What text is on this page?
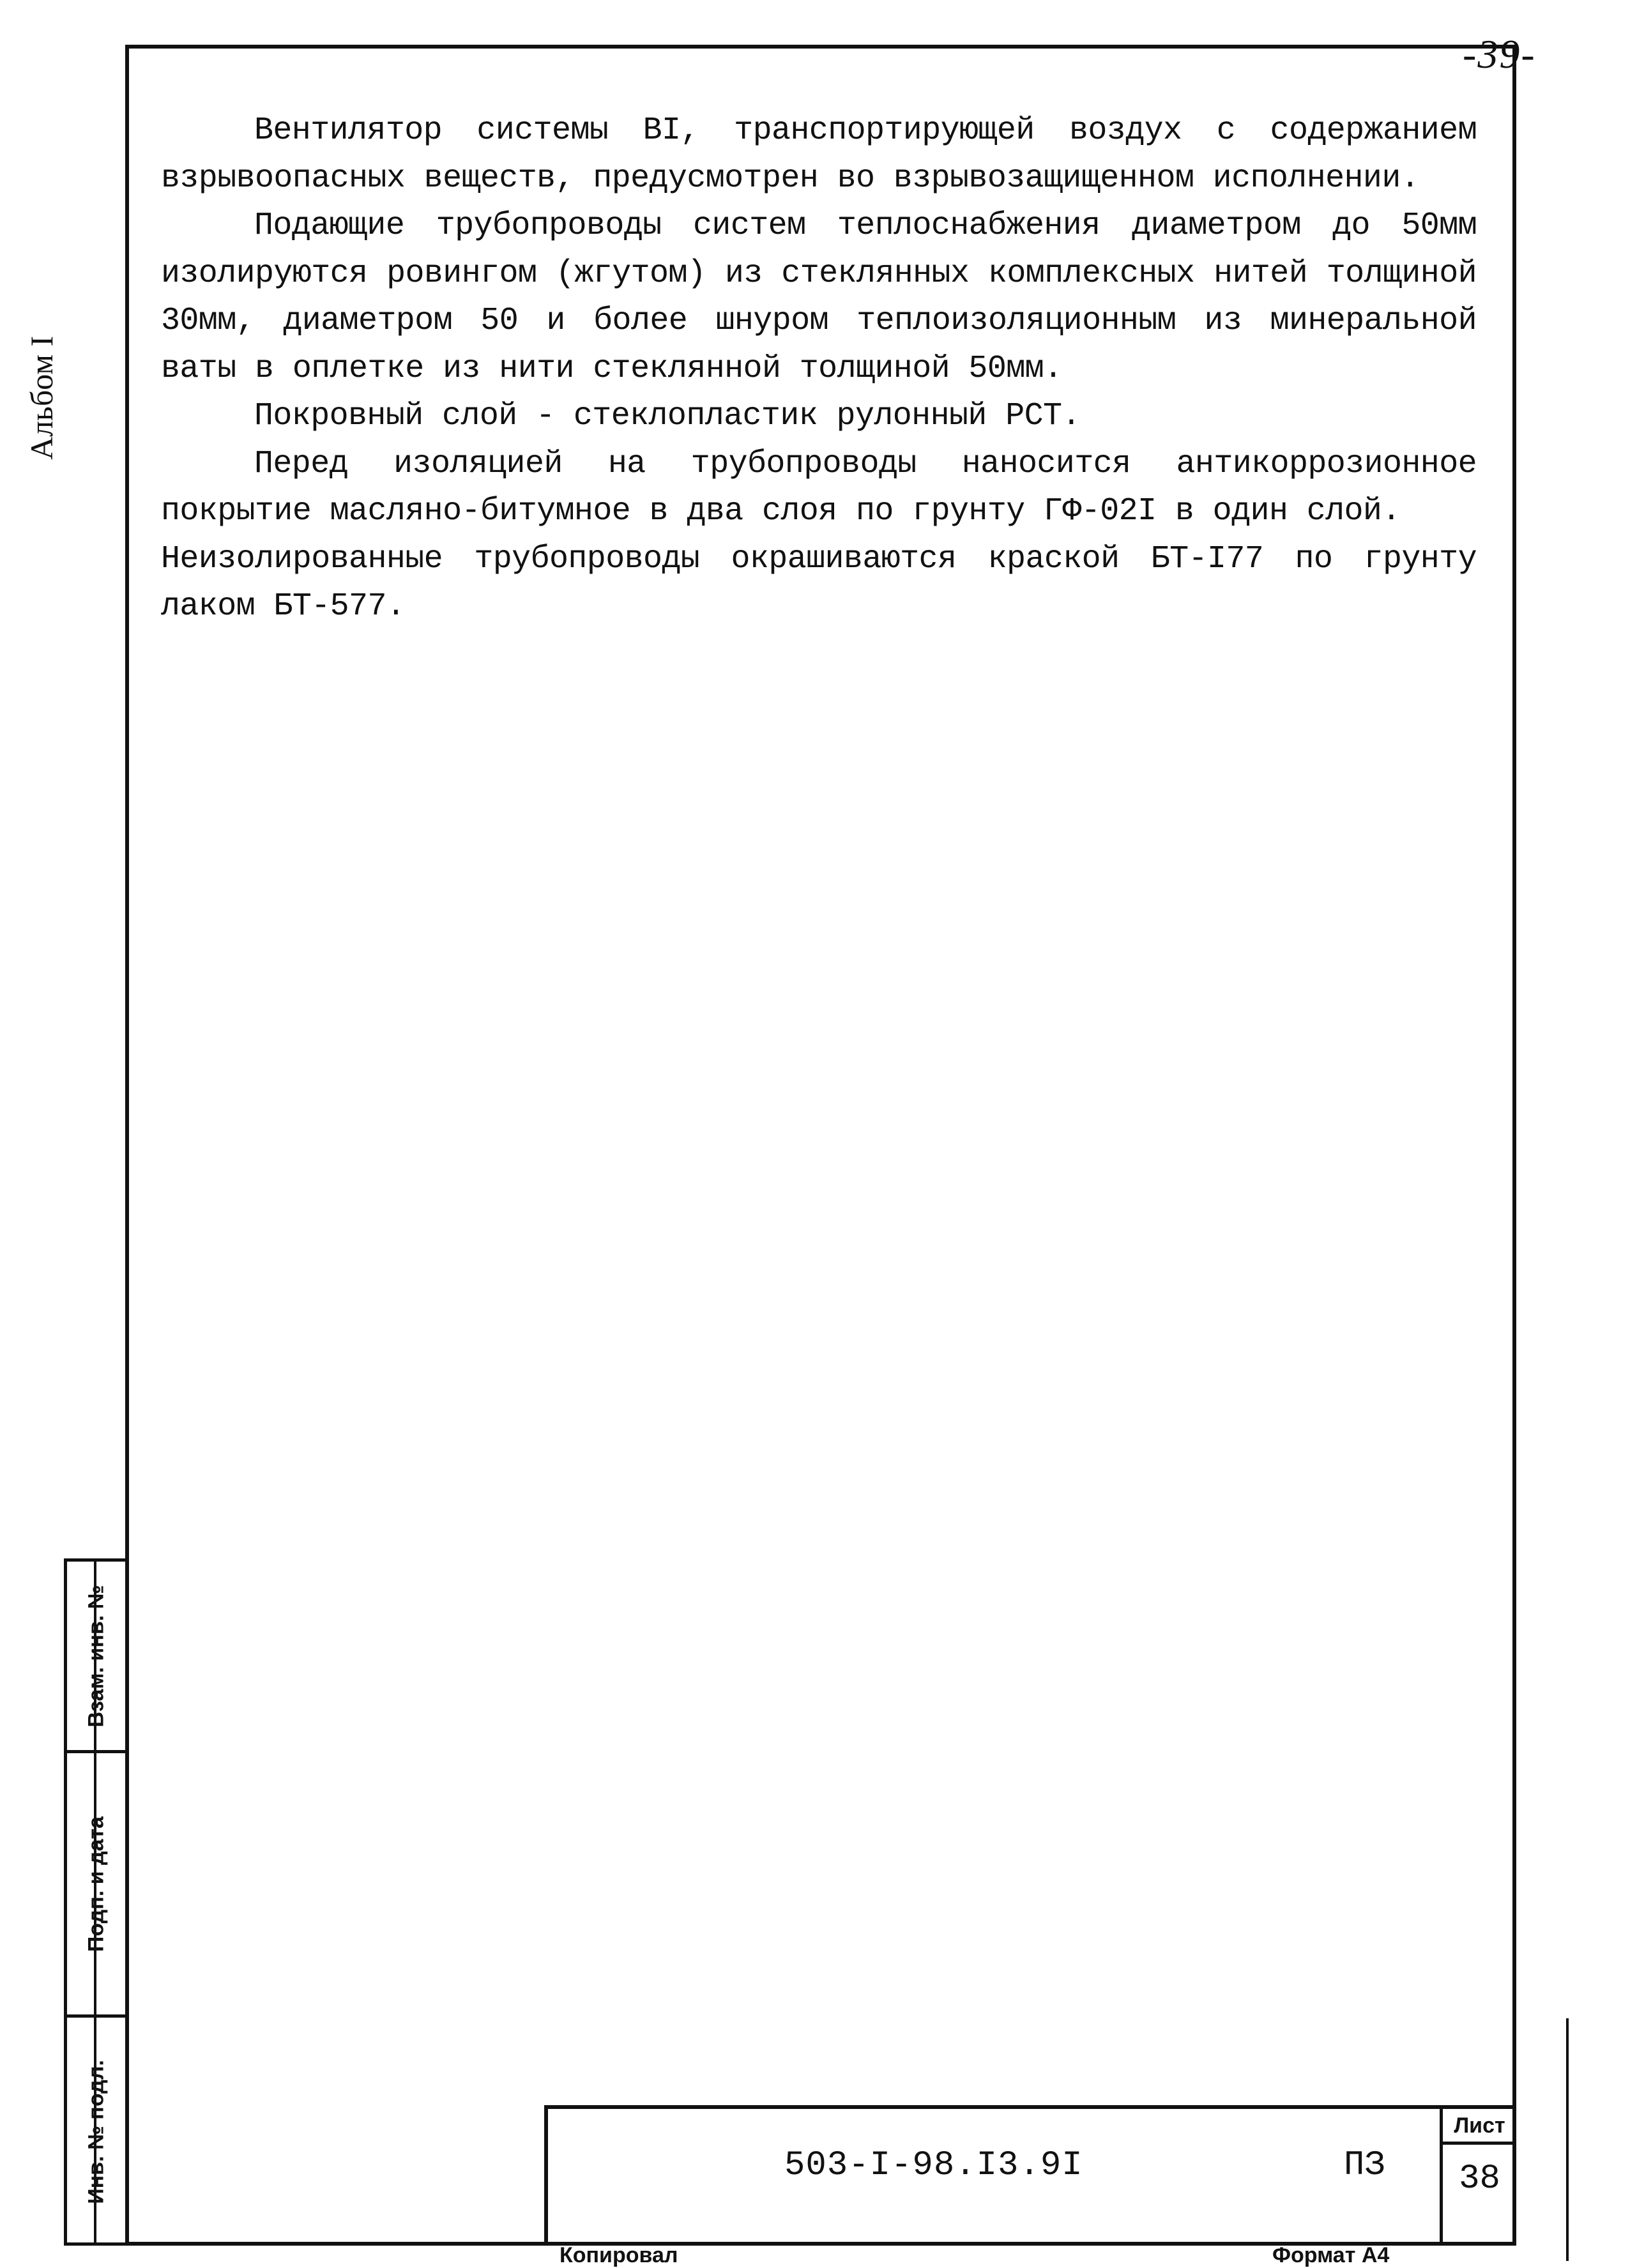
-39-
Альбом I

Вентилятор системы BI, транспортирующей воздух с содержанием взрывоопасных веществ, предусмотрен во взрывозащищенном исполнении.

Подающие трубопроводы систем теплоснабжения диаметром до 50мм изолируются ровингом (жгутом) из стеклянных комплексных нитей толщиной 30мм, диаметром 50 и более шнуром теплоизоляционным из минеральной ваты в оплетке из нити стеклянной толщиной 50мм.

Покровный слой - стеклопластик рулонный РСТ.

Перед изоляцией на трубопроводы наносится антикоррозионное покрытие масляно-битумное в два слоя по грунту ГФ-02I в один слой.

Неизолированные трубопроводы окрашиваются краской БТ-I77 по грунту лаком БТ-577.

Взам. инв. №
Подп. и дата
Инв. № подл.	503-I-98.I3.9I	ПЗ
Лист
38
Копировал	Формат А4
